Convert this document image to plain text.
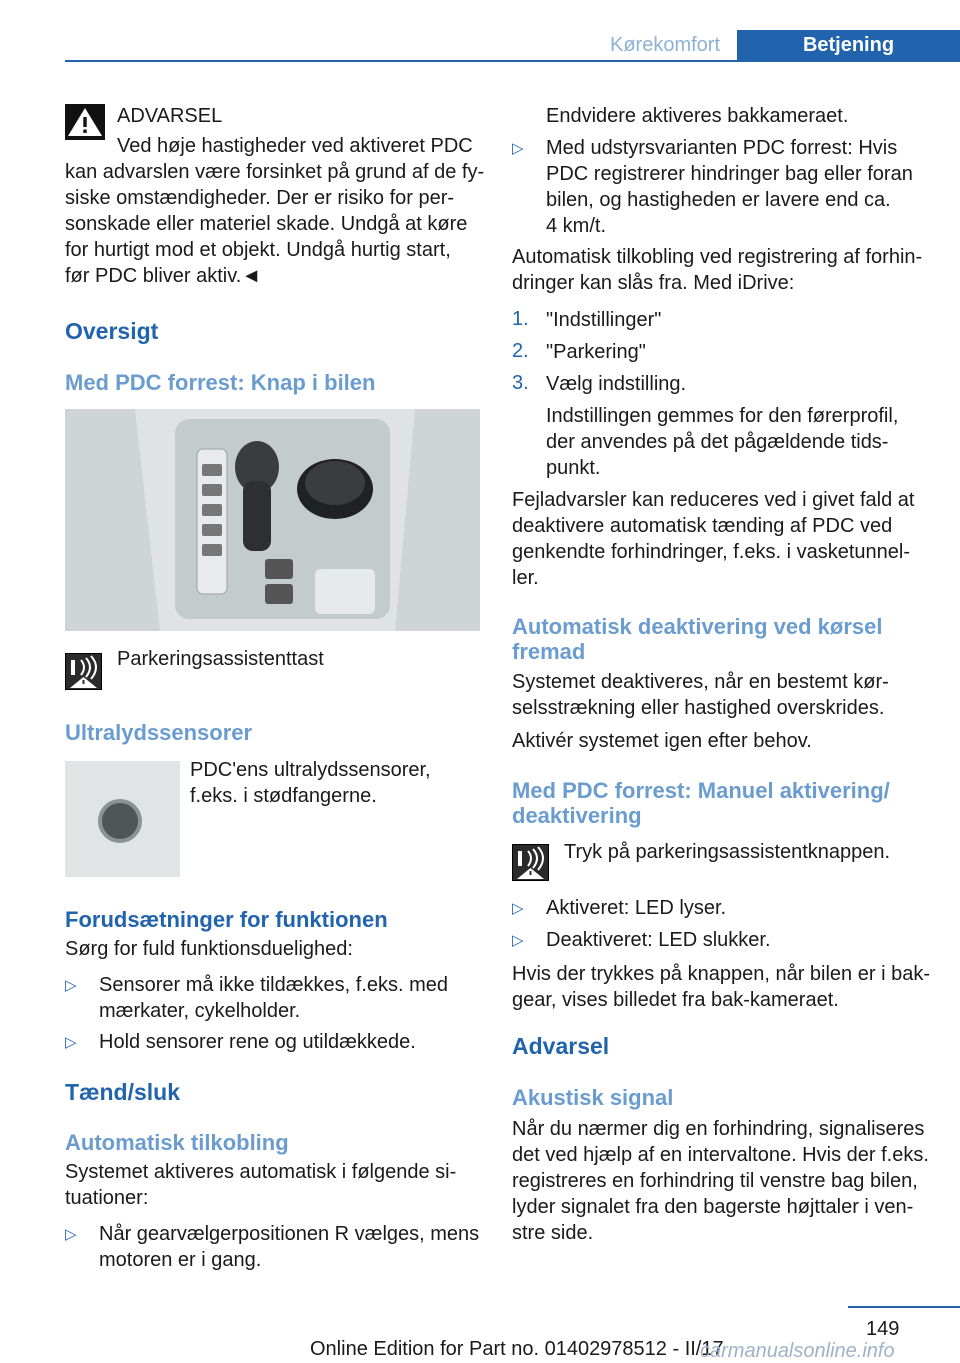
Kørekomfort	Betjening
ADVARSEL
Ved høje hastigheder ved aktiveret PDC
kan advarslen være forsinket på grund af de fy-
siske omstændigheder. Der er risiko for per-
sonskade eller materiel skade. Undgå at køre
for hurtigt mod et objekt. Undgå hurtig start,
før PDC bliver aktiv.◄
Oversigt
Med PDC forrest: Knap i bilen
Parkeringsassistenttast
Ultralydssensorer
PDC'ens ultralydssensorer,
f.eks. i stødfangerne.
Forudsætninger for funktionen
Sørg for fuld funktionsduelighed:
▷ Sensorer må ikke tildækkes, f.eks. med
mærkater, cykelholder.
▷ Hold sensorer rene og utildækkede.
Tænd/sluk
Automatisk tilkobling
Systemet aktiveres automatisk i følgende si-
tuationer:
▷ Når gearvælgerpositionen R vælges, mens
motoren er i gang.
Endvidere aktiveres bakkameraet.
▷ Med udstyrsvarianten PDC forrest: Hvis
PDC registrerer hindringer bag eller foran
bilen, og hastigheden er lavere end ca.
4 km/t.
Automatisk tilkobling ved registrering af forhin-
dringer kan slås fra. Med iDrive:
1. "Indstillinger"
2. "Parkering"
3. Vælg indstilling.
Indstillingen gemmes for den førerprofil,
der anvendes på det pågældende tids-
punkt.
Fejladvarsler kan reduceres ved i givet fald at
deaktivere automatisk tænding af PDC ved
genkendte forhindringer, f.eks. i vasketunnel-
ler.
Automatisk deaktivering ved kørsel
fremad
Systemet deaktiveres, når en bestemt kør-
selsstrækning eller hastighed overskrides.
Aktivér systemet igen efter behov.
Med PDC forrest: Manuel aktivering/
deaktivering
Tryk på parkeringsassistentknappen.
▷ Aktiveret: LED lyser.
▷ Deaktiveret: LED slukker.
Hvis der trykkes på knappen, når bilen er i bak-
gear, vises billedet fra bak-kameraet.
Advarsel
Akustisk signal
Når du nærmer dig en forhindring, signaliseres
det ved hjælp af en intervaltone. Hvis der f.eks.
registreres en forhindring til venstre bag bilen,
lyder signalet fra den bagerste højttaler i ven-
stre side.
149
Online Edition for Part no. 01402978512 - II/17
carmanualsonline.info
